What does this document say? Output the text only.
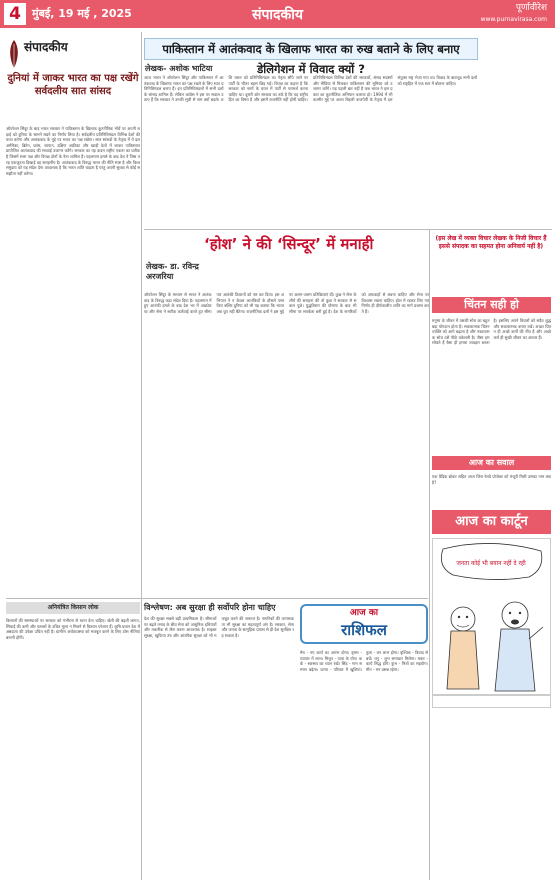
4	मुंबई, 19 मई , 2025	संपादकीय	पूर्णावीरेश
www.purnavirasa.com
संपादकीय
दुनियां में जाकर भारत का पक्ष रखेंगे सर्वदलीय सात सांसद
ऑपरेशन सिंदूर के बाद भारत सरकार ने पाकिस्तान के खिलाफ कूटनीतिक मोर्चे पर अपनी लड़ाई को दुनिया के सामने रखने का निर्णय लिया है। सर्वदलीय प्रतिनिधिमंडल विभिन्न देशों की यात्रा करेगा और आतंकवाद के मुद्दे पर भारत का पक्ष रखेगा। सात सांसदों के नेतृत्व में ये दल अमेरिका, ब्रिटेन, फ्रांस, जापान, दक्षिण अफ्रीका और खाड़ी देशों में जाकर पाकिस्तान प्रायोजित आतंकवाद की सच्चाई उजागर करेंगे। सरकार का यह कदम राष्ट्रीय एकता का प्रतीक है जिसमें सत्ता पक्ष और विपक्ष दोनों के नेता शामिल हैं। पहलगाम हमले के बाद देश ने जिस तरह एकजुटता दिखाई वह सराहनीय है। आतंकवाद के विरुद्ध भारत की नीति स्पष्ट है और विश्व समुदाय को यह संदेश देना आवश्यक है कि भारत शांति चाहता है परंतु अपनी सुरक्षा से कोई समझौता नहीं करेगा।
पाकिस्तान में आतंकवाद के खिलाफ भारत का रुख बताने के लिए बनाए डेलिगेशन में विवाद क्यों ?
लेखक- अशोक भाटिया
आज भारत ने ऑपरेशन सिंदूर और पाकिस्तान में आतंकवाद के खिलाफ भारत का पक्ष रखने के लिए सात प्रतिनिधिमंडल बनाए हैं। इन प्रतिनिधिमंडलों में सभी दलों के सांसद शामिल हैं। लेकिन कांग्रेस ने इस पर सवाल उठाए हैं कि सरकार ने उनकी सूची से नाम क्यों बदले। शशि थरूर को प्रतिनिधिमंडल का नेतृत्व सौंपे जाने पर पार्टी के भीतर बहस छिड़ गई। विपक्ष का कहना है कि सरकार को नामों के चयन में पार्टी से परामर्श करना चाहिए था। दूसरी ओर सरकार का तर्क है कि यह राष्ट्रीय हित का विषय है और इसमें राजनीति नहीं होनी चाहिए। प्रतिनिधिमंडल विभिन्न देशों की सरकारों, संसद सदस्यों और मीडिया से मिलकर पाकिस्तान की भूमिका को उजागर करेंगे। यह पहली बार नहीं है जब भारत ने इस प्रकार का कूटनीतिक अभियान चलाया हो। 1994 में भी कश्मीर मुद्दे पर अटल बिहारी वाजपेयी के नेतृत्व में दल संयुक्त राष्ट्र भेजा गया था। विवाद के बावजूद सभी दलों को राष्ट्रहित में एक स्वर में बोलना चाहिए।

(इस लेख में व्यक्त विचार लेखक के निजी विचार हैं इससे संपादक का सहमत होना अनिवार्य नहीं है)

‘होश’ ने की ‘सिन्दूर’ में मनाही
लेखक- डा. रविन्द्र अरजरिया
ऑपरेशन सिंदूर के माध्यम से भारत ने आतंकवाद के विरुद्ध कड़ा संदेश दिया है। पहलगाम में हुए आतंकी हमले के बाद देश भर में आक्रोश था और सेना ने सटीक कार्रवाई करते हुए सीमा पार आतंकी ठिकानों को नष्ट कर दिया। इस अभियान ने न केवल आतंकियों के हौसले पस्त किए बल्कि दुनिया को भी यह बताया कि भारत अब चुप नहीं बैठेगा। राजनीतिक दलों ने इस मुद्दे पर अलग-अलग प्रतिक्रियाएं दीं। कुछ ने सेना के शौर्य की सराहना की तो कुछ ने सरकार से सवाल पूछे। युद्धविराम की घोषणा के बाद भी सीमा पर सतर्कता बनी हुई है। देश के नागरिकों को अफवाहों से बचना चाहिए और सेना पर विश्वास रखना चाहिए। होश में रहकर लिए गए निर्णय ही दीर्घकालीन शांति का मार्ग प्रशस्त करते हैं।
चिंतन सही हो
मनुष्य के जीवन में उसकी सोच का बहुत बड़ा योगदान होता है। सकारात्मक चिंतन व्यक्ति को आगे बढ़ाता है और नकारात्मक सोच उसे पीछे धकेलती है। जैसा हम सोचते हैं वैसा ही हमारा व्यवहार बनता है। इसलिए अपने विचारों को सदैव शुद्ध और सकारात्मक बनाए रखें। अच्छा चिंतन ही अच्छे कर्मों की नींव है और अच्छे कर्म ही सुखी जीवन का आधार हैं।
आज का सवाल
एक वैदिक ब्रोकर सहित आज जिस रेलवे प्रोजेक्ट को मंजूरी मिली उसका नाम क्या है?
आज का कार्टून
जनता कोई भी बयान नहीं दे रही
अनियंत्रित किसान लोक
किसानों की समस्याओं पर सरकार को गंभीरता से ध्यान देना चाहिए। खेती की बढ़ती लागत, सिंचाई की कमी और फसलों के उचित मूल्य न मिलने से किसान परेशान हैं। कृषि प्रधान देश में अन्नदाता की उपेक्षा उचित नहीं है। ग्रामीण अर्थव्यवस्था को मजबूत करने के लिए ठोस नीतियां बनानी होंगी।
विश्लेषण: अब सुरक्षा ही सर्वोपरि होना चाहिए
देश की सुरक्षा सबसे बड़ी प्राथमिकता है। सीमाओं पर बढ़ते तनाव के बीच सेना को आधुनिक हथियारों और तकनीक से लैस करना आवश्यक है। साइबर सुरक्षा, खुफिया तंत्र और आंतरिक सुरक्षा को भी मजबूत करने की जरूरत है। नागरिकों की जागरूकता भी सुरक्षा का महत्वपूर्ण अंग है। सरकार, सेना और जनता के सामूहिक प्रयास से ही देश सुरक्षित रह सकता है।
आज का
राशिफल
मेष - नए कार्य का आरंभ होगा। वृषभ - व्यापार में लाभ। मिथुन - यात्रा के योग। कर्क - स्वास्थ्य का ध्यान रखें। सिंह - मान सम्मान बढ़ेगा। कन्या - परिवार में खुशियां। तुला - धन लाभ होगा। वृश्चिक - विवाद से बचें। धनु - शुभ समाचार मिलेगा। मकर - कार्य सिद्ध होंगे। कुंभ - मित्रों का सहयोग। मीन - मन प्रसन्न रहेगा।
